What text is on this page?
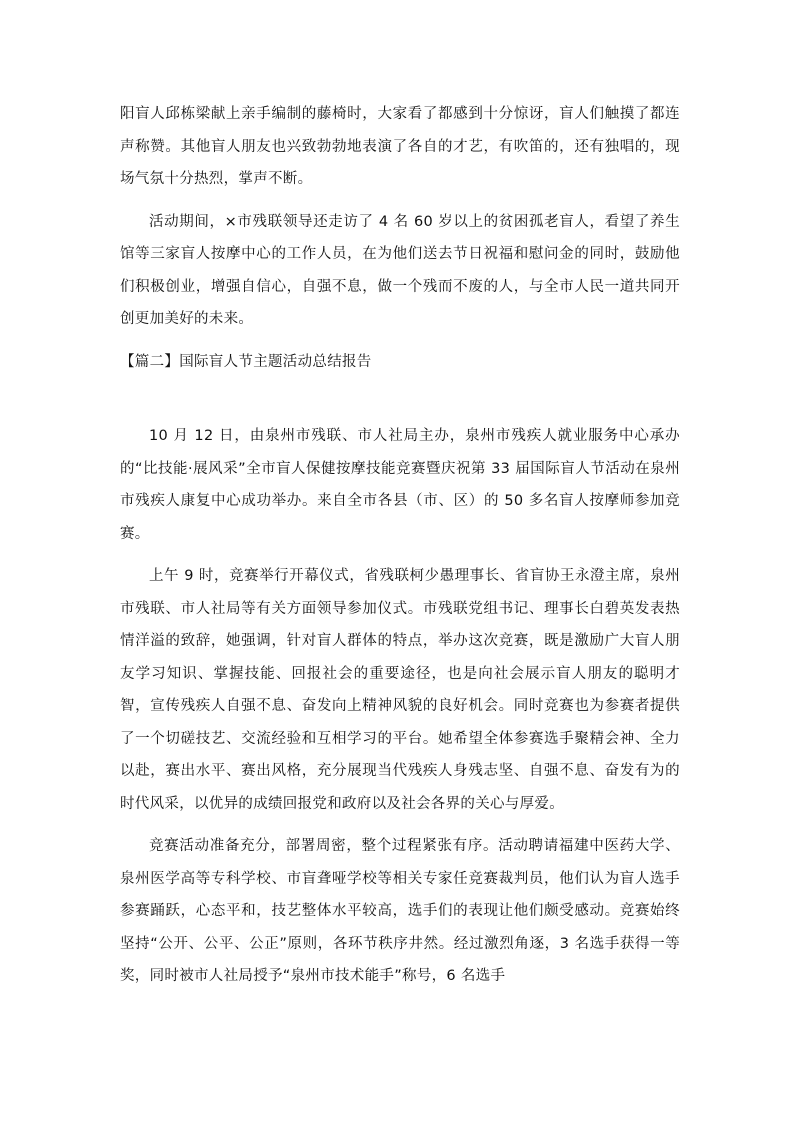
阳盲人邱栋梁献上亲手编制的藤椅时，大家看了都感到十分惊讶，盲人们触摸了都连声称赞。其他盲人朋友也兴致勃勃地表演了各自的才艺，有吹笛的，还有独唱的，现场气氛十分热烈，掌声不断。

活动期间，×市残联领导还走访了 4 名 60 岁以上的贫困孤老盲人，看望了养生馆等三家盲人按摩中心的工作人员，在为他们送去节日祝福和慰问金的同时，鼓励他们积极创业，增强自信心，自强不息，做一个残而不废的人，与全市人民一道共同开创更加美好的未来。

【篇二】国际盲人节主题活动总结报告

10 月 12 日，由泉州市残联、市人社局主办，泉州市残疾人就业服务中心承办的“比技能·展风采”全市盲人保健按摩技能竞赛暨庆祝第 33 届国际盲人节活动在泉州市残疾人康复中心成功举办。来自全市各县（市、区）的 50 多名盲人按摩师参加竞赛。

上午 9 时，竞赛举行开幕仪式，省残联柯少愚理事长、省盲协王永澄主席，泉州市残联、市人社局等有关方面领导参加仪式。市残联党组书记、理事长白碧英发表热情洋溢的致辞，她强调，针对盲人群体的特点，举办这次竞赛，既是激励广大盲人朋友学习知识、掌握技能、回报社会的重要途径，也是向社会展示盲人朋友的聪明才智，宣传残疾人自强不息、奋发向上精神风貌的良好机会。同时竞赛也为参赛者提供了一个切磋技艺、交流经验和互相学习的平台。她希望全体参赛选手聚精会神、全力以赴，赛出水平、赛出风格，充分展现当代残疾人身残志坚、自强不息、奋发有为的时代风采，以优异的成绩回报党和政府以及社会各界的关心与厚爱。

竞赛活动准备充分，部署周密，整个过程紧张有序。活动聘请福建中医药大学、泉州医学高等专科学校、市盲聋哑学校等相关专家任竞赛裁判员，他们认为盲人选手参赛踊跃，心态平和，技艺整体水平较高，选手们的表现让他们颇受感动。竞赛始终坚持“公开、公平、公正”原则，各环节秩序井然。经过激烈角逐，3 名选手获得一等奖，同时被市人社局授予“泉州市技术能手”称号，6 名选手
